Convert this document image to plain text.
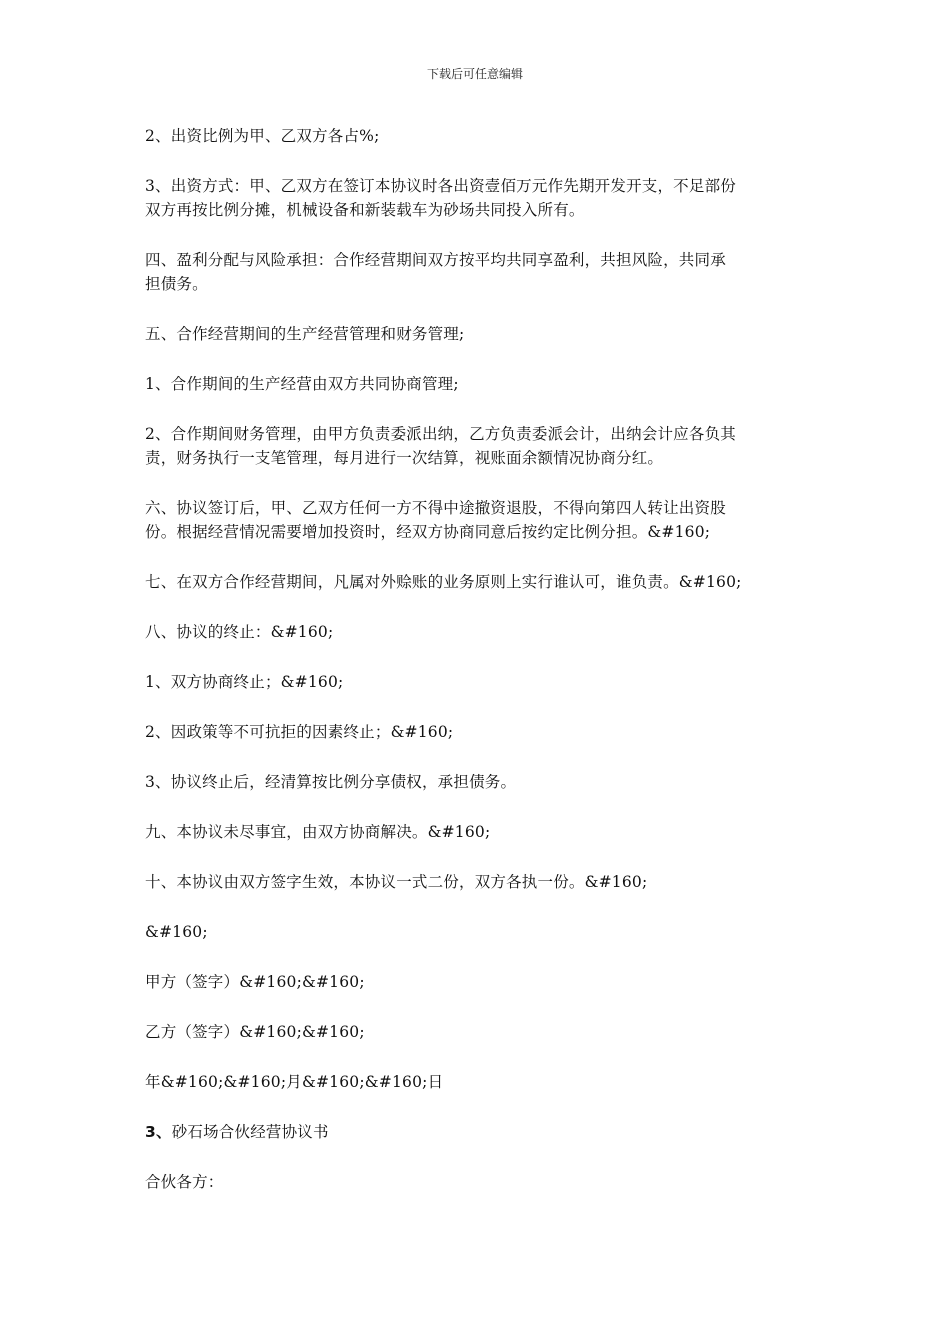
下载后可任意编辑

2、出资比例为甲、乙双方各占%;

3、出资方式：甲、乙双方在签订本协议时各出资壹佰万元作先期开发开支，不足部份
双方再按比例分摊，机械设备和新装载车为砂场共同投入所有。

四、盈利分配与风险承担：合作经营期间双方按平均共同享盈利，共担风险，共同承
担债务。

五、合作经营期间的生产经营管理和财务管理;

1、合作期间的生产经营由双方共同协商管理;

2、合作期间财务管理，由甲方负责委派出纳，乙方负责委派会计，出纳会计应各负其
责，财务执行一支笔管理，每月进行一次结算，视账面余额情况协商分红。

六、协议签订后，甲、乙双方任何一方不得中途撤资退股，不得向第四人转让出资股
份。根据经营情况需要增加投资时，经双方协商同意后按约定比例分担。&#160;

七、在双方合作经营期间，凡属对外赊账的业务原则上实行谁认可，谁负责。&#160;

八、协议的终止：&#160;

1、双方协商终止；&#160;

2、因政策等不可抗拒的因素终止；&#160;

3、协议终止后，经清算按比例分享债权，承担债务。

九、本协议未尽事宜，由双方协商解决。&#160;

十、本协议由双方签字生效，本协议一式二份，双方各执一份。&#160;

&#160;

甲方（签字）&#160;&#160;

乙方（签字）&#160;&#160;

年&#160;&#160;月&#160;&#160;日

3、砂石场合伙经营协议书

合伙各方：
